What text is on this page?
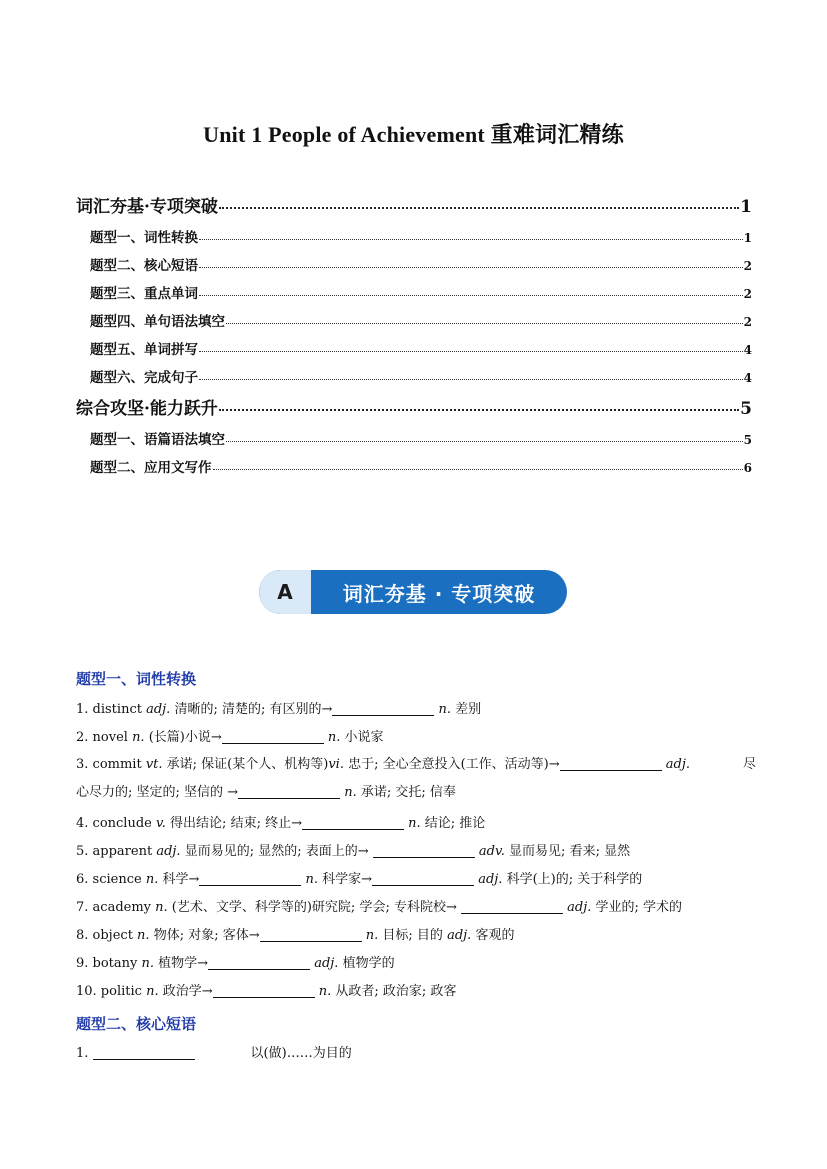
Unit 1 People of Achievement 重难词汇精练
词汇夯基·专项突破	1
题型一、词性转换	1
题型二、核心短语	2
题型三、重点单词	2
题型四、单句语法填空	2
题型五、单词拼写	4
题型六、完成句子	4
综合攻坚·能力跃升	5
题型一、语篇语法填空	5
题型二、应用文写作	6
A	词汇夯基 · 专项突破
题型一、词性转换
1. distinct adj. 清晰的; 清楚的; 有区别的→	n. 差别
2. novel n. (长篇)小说→	n. 小说家
3. commit vt. 承诺; 保证(某个人、机构等)vi. 忠于; 全心全意投入(工作、活动等)→	adj.	尽
心尽力的; 坚定的; 坚信的 →	n. 承诺; 交托; 信奉
4. conclude v. 得出结论; 结束; 终止→	n. 结论; 推论
5. apparent adj. 显而易见的; 显然的; 表面上的→	adv. 显而易见; 看来; 显然
6. science n. 科学→	n. 科学家→	adj. 科学(上)的; 关于科学的
7. academy n. (艺术、文学、科学等的)研究院; 学会; 专科院校→	adj. 学业的; 学术的
8. object n. 物体; 对象; 客体→	n. 目标; 目的 adj. 客观的
9. botany n. 植物学→	adj. 植物学的
10. politic n. 政治学→	n. 从政者; 政治家; 政客
题型二、核心短语
1.	以(做)……为目的
